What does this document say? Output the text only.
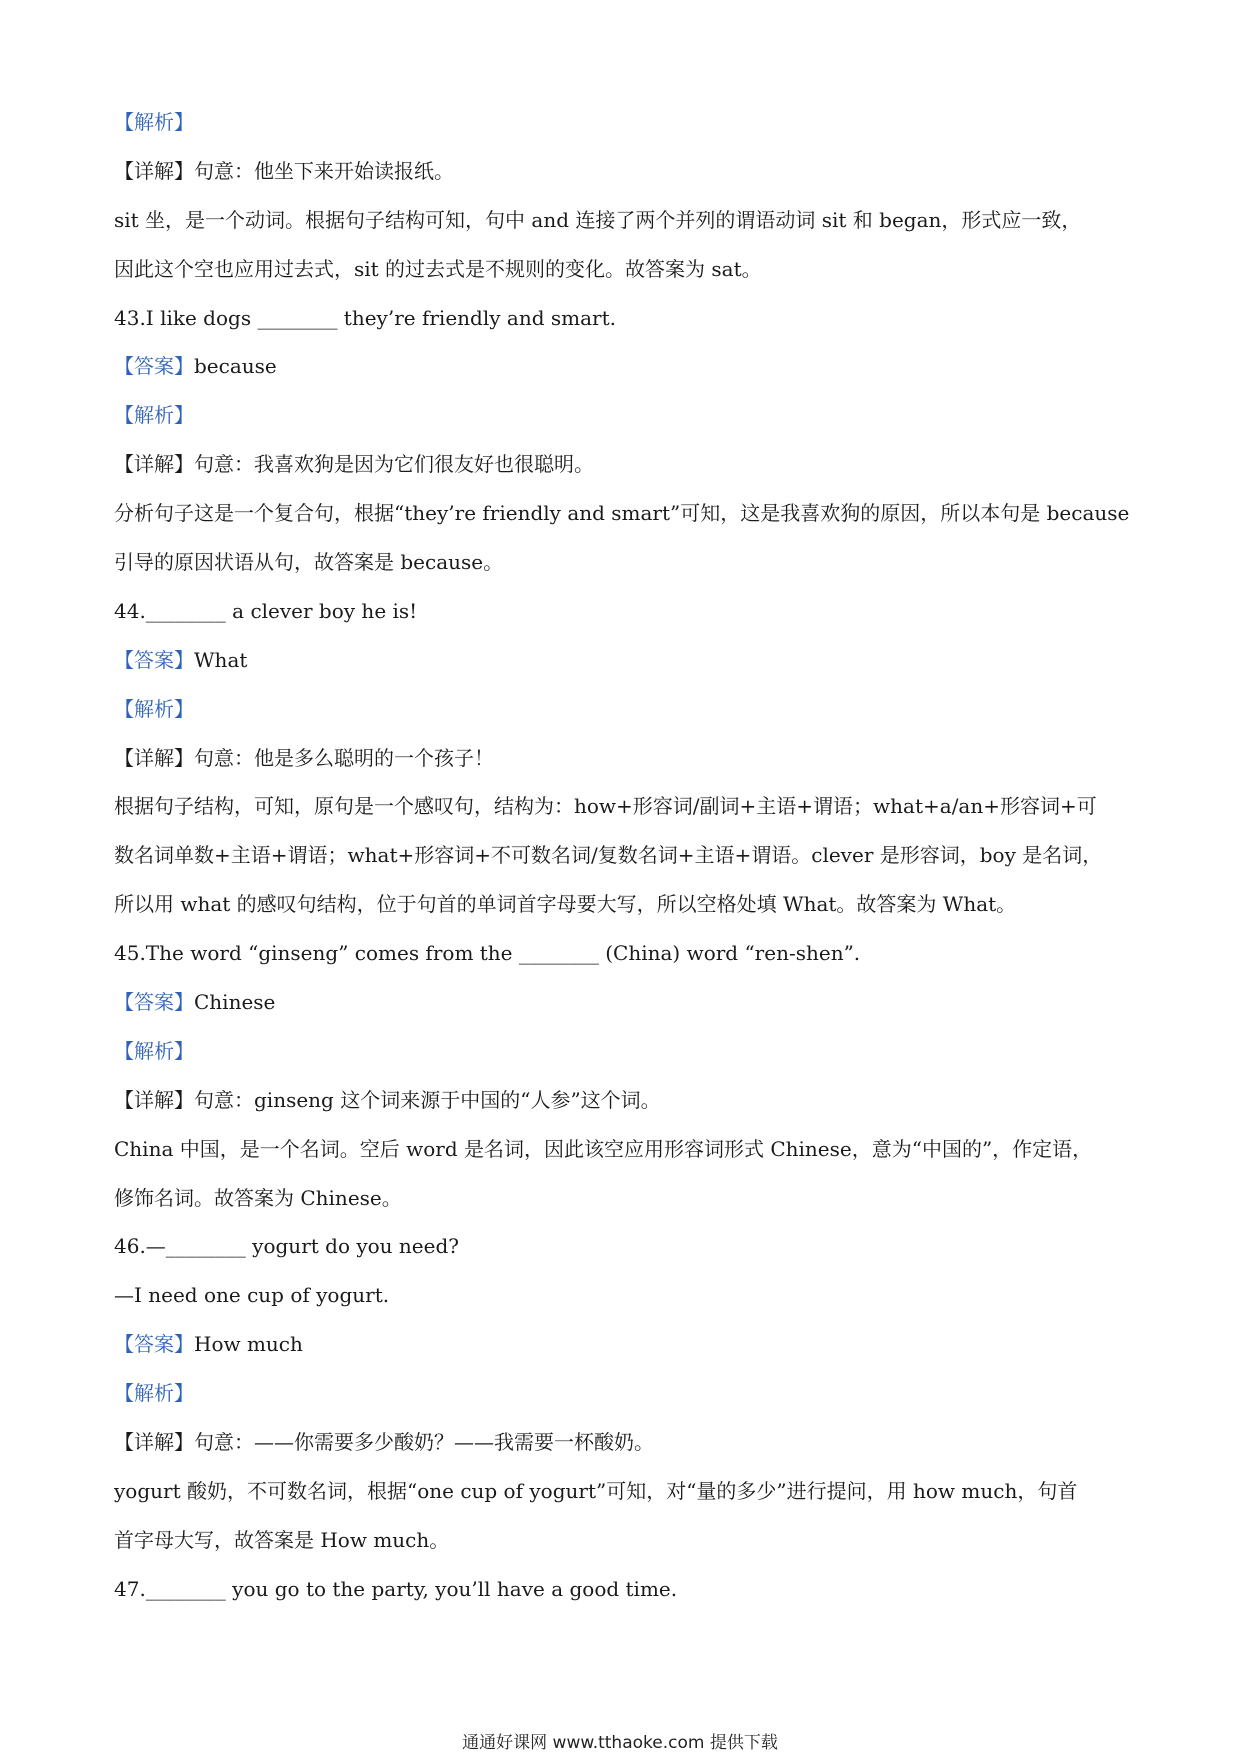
【解析】
【详解】句意：他坐下来开始读报纸。
sit 坐，是一个动词。根据句子结构可知，句中 and 连接了两个并列的谓语动词 sit 和 began，形式应一致，
因此这个空也应用过去式，sit 的过去式是不规则的变化。故答案为 sat。
43.I like dogs ________ they’re friendly and smart.
【答案】because
【解析】
【详解】句意：我喜欢狗是因为它们很友好也很聪明。
分析句子这是一个复合句，根据“they’re friendly and smart”可知，这是我喜欢狗的原因，所以本句是 because
引导的原因状语从句，故答案是 because。
44.________ a clever boy he is!
【答案】What
【解析】
【详解】句意：他是多么聪明的一个孩子！
根据句子结构，可知，原句是一个感叹句，结构为：how+形容词/副词+主语+谓语；what+a/an+形容词+可
数名词单数+主语+谓语；what+形容词+不可数名词/复数名词+主语+谓语。clever 是形容词，boy 是名词，
所以用 what 的感叹句结构，位于句首的单词首字母要大写，所以空格处填 What。故答案为 What。
45.The word “ginseng” comes from the ________ (China) word “ren-shen”.
【答案】Chinese
【解析】
【详解】句意：ginseng 这个词来源于中国的“人参”这个词。
China 中国，是一个名词。空后 word 是名词，因此该空应用形容词形式 Chinese，意为“中国的”，作定语，
修饰名词。故答案为 Chinese。
46.—________ yogurt do you need?
—I need one cup of yogurt.
【答案】How much
【解析】
【详解】句意：——你需要多少酸奶？——我需要一杯酸奶。
yogurt 酸奶，不可数名词，根据“one cup of yogurt”可知，对“量的多少”进行提问，用 how much，句首
首字母大写，故答案是 How much。
47.________ you go to the party, you’ll have a good time.
通通好课网 www.tthaoke.com 提供下载
